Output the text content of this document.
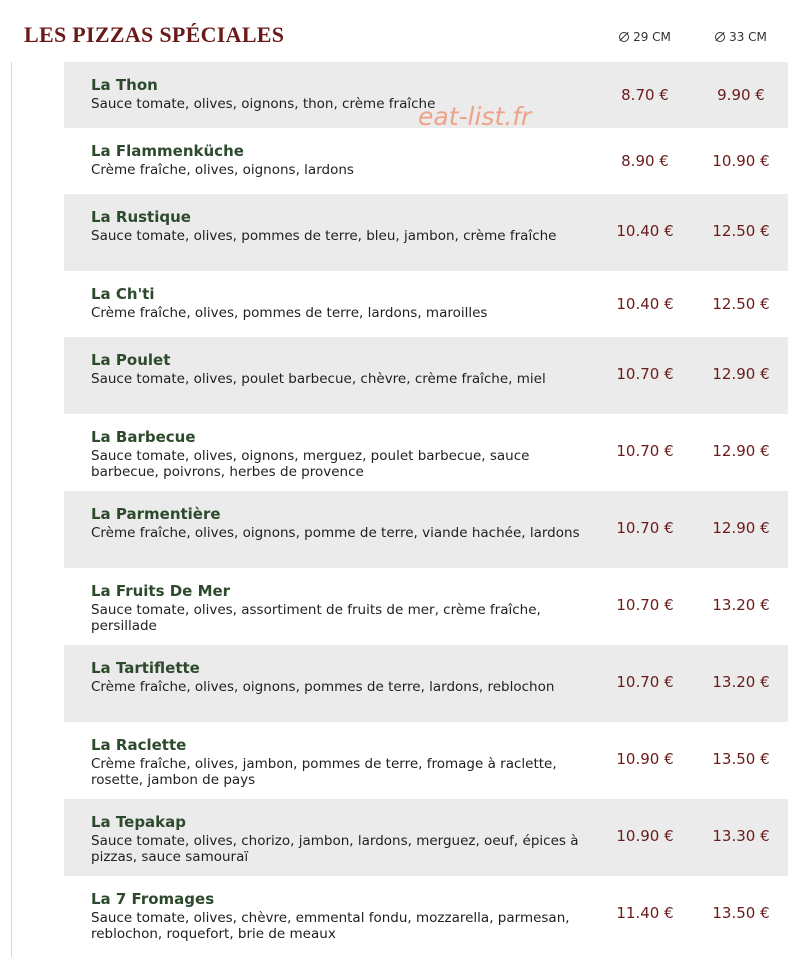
LES PIZZAS SPÉCIALES	29 CM	33 CM
La Thon
Sauce tomate, olives, oignons, thon, crème fraîche	8.70 €	9.90 €
La Flammenküche
Crème fraîche, olives, oignons, lardons	8.90 €	10.90 €
La Rustique
Sauce tomate, olives, pommes de terre, bleu, jambon, crème fraîche	10.40 €	12.50 €
La Ch'ti
Crème fraîche, olives, pommes de terre, lardons, maroilles	10.40 €	12.50 €
La Poulet
Sauce tomate, olives, poulet barbecue, chèvre, crème fraîche, miel	10.70 €	12.90 €
La Barbecue
Sauce tomate, olives, oignons, merguez, poulet barbecue, sauce barbecue, poivrons, herbes de provence
10.70 €	12.90 €
La Parmentière
Crème fraîche, olives, oignons, pomme de terre, viande hachée, lardons	10.70 €	12.90 €
La Fruits De Mer
Sauce tomate, olives, assortiment de fruits de mer, crème fraîche, persillade
10.70 €	13.20 €
La Tartiflette
Crème fraîche, olives, oignons, pommes de terre, lardons, reblochon	10.70 €	13.20 €
La Raclette
Crème fraîche, olives, jambon, pommes de terre, fromage à raclette, rosette, jambon de pays
10.90 €	13.50 €
La Tepakap
Sauce tomate, olives, chorizo, jambon, lardons, merguez, oeuf, épices à pizzas, sauce samouraï
10.90 €	13.30 €
La 7 Fromages
Sauce tomate, olives, chèvre, emmental fondu, mozzarella, parmesan, reblochon, roquefort, brie de meaux
11.40 €	13.50 €
eat-list.fr
